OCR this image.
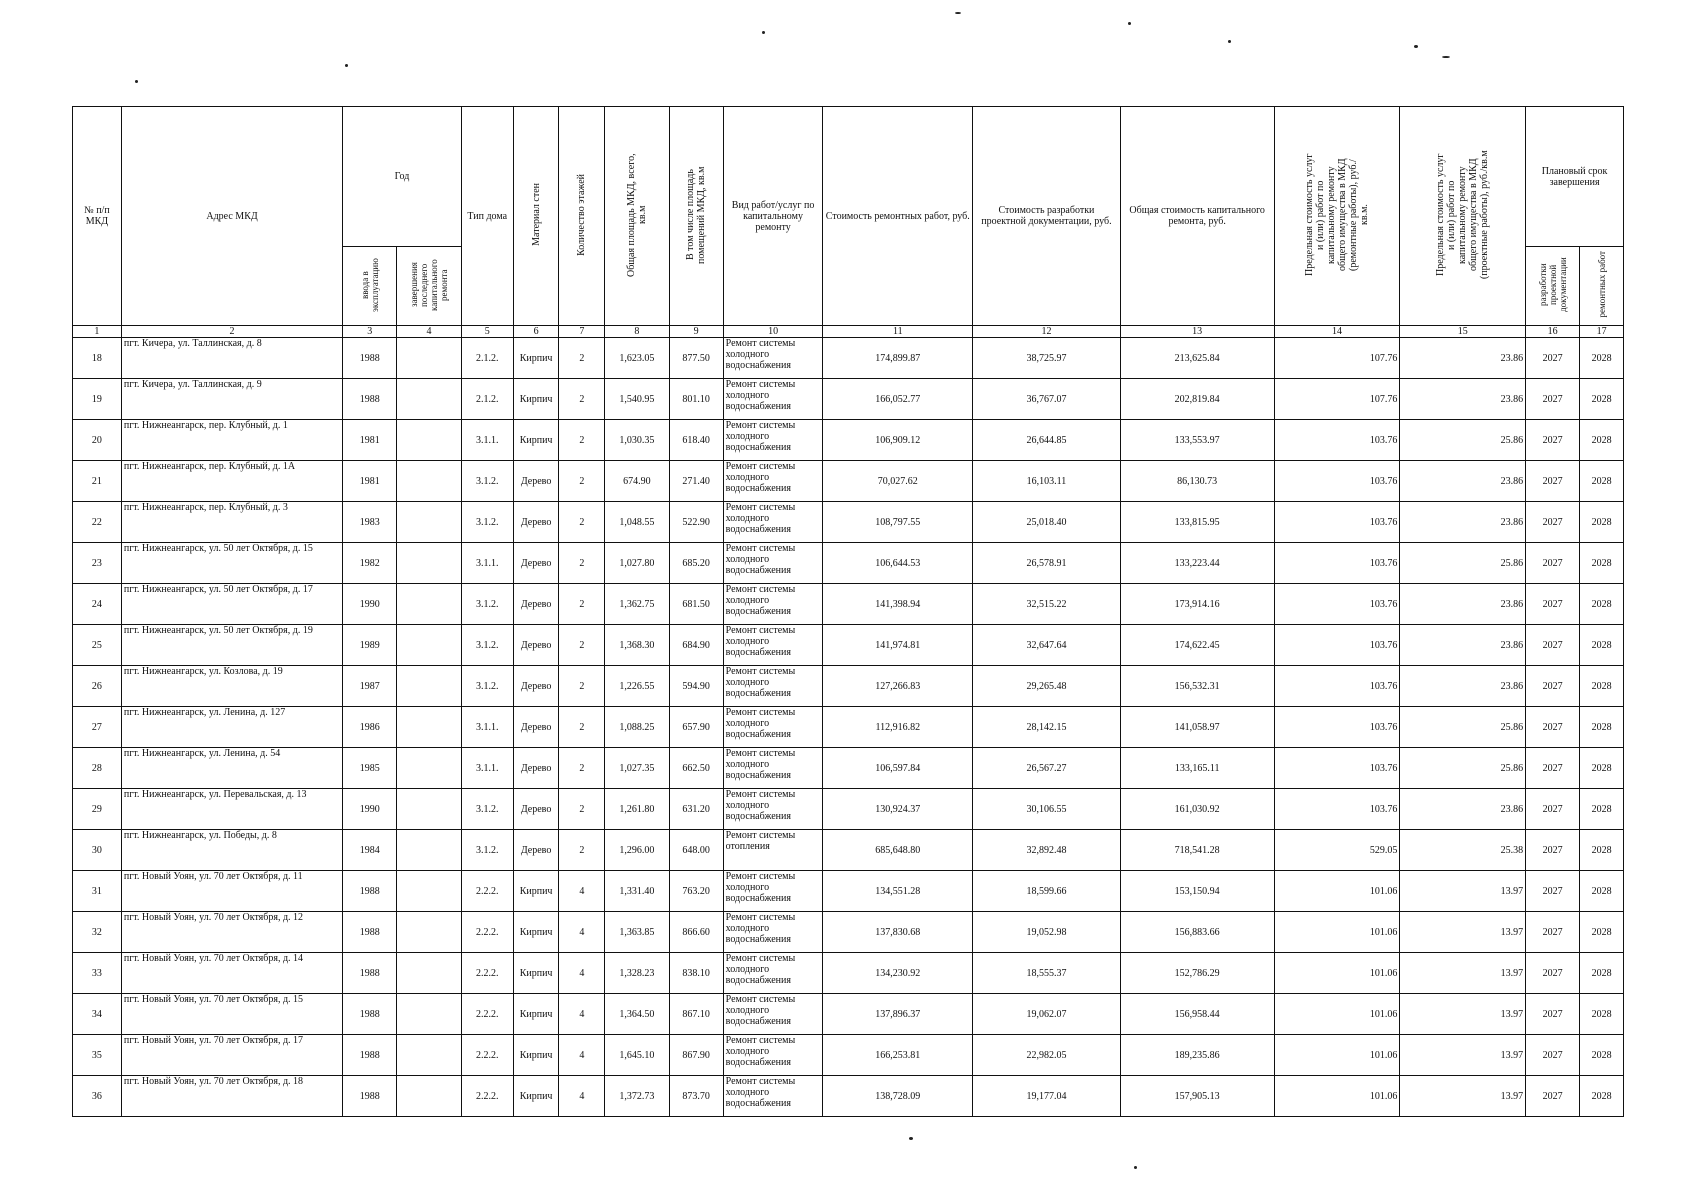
№ п/п МКД	Адрес МКД	Год		Тип дома	Материал стен	Количество этажей	Общая площадь МКД, всего, кв.м	В том числе площадь помещений МКД, кв.м	Вид работ/услуг по капитальному ремонту	Стоимость ремонтных работ, руб.	Стоимость разработки проектной документации, руб.	Общая стоимость капитального ремонта, руб.	Предельная стоимость услуг и (или) работ по капитальному ремонту общего имущества в МКД (ремонтные работы), руб./кв.м.	Предельная стоимость услуг и (или) работ по капитальному ремонту общего имущества в МКД (проектные работы), руб./кв.м	Плановый срок завершения	
		ввода в эксплуатацию	завершения последнего капитального ремонта												разработки проектной документации	ремонтных работ
1	2	3	4	5	6	7	8	9	10	11	12	13	14	15	16	17
18	пгт. Кичера, ул. Таллинская, д. 8	1988		2.1.2.	Кирпич	2	1,623.05	877.50	Ремонт системы холодного водоснабжения	174,899.87	38,725.97	213,625.84	107.76	23.86	2027	2028
19	пгт. Кичера, ул. Таллинская, д. 9	1988		2.1.2.	Кирпич	2	1,540.95	801.10	Ремонт системы холодного водоснабжения	166,052.77	36,767.07	202,819.84	107.76	23.86	2027	2028
20	пгт. Нижнеангарск, пер. Клубный, д. 1	1981		3.1.1.	Кирпич	2	1,030.35	618.40	Ремонт системы холодного водоснабжения	106,909.12	26,644.85	133,553.97	103.76	25.86	2027	2028
21	пгт. Нижнеангарск, пер. Клубный, д. 1А	1981		3.1.2.	Дерево	2	674.90	271.40	Ремонт системы холодного водоснабжения	70,027.62	16,103.11	86,130.73	103.76	23.86	2027	2028
22	пгт. Нижнеангарск, пер. Клубный, д. 3	1983		3.1.2.	Дерево	2	1,048.55	522.90	Ремонт системы холодного водоснабжения	108,797.55	25,018.40	133,815.95	103.76	23.86	2027	2028
23	пгт. Нижнеангарск, ул. 50 лет Октября, д. 15	1982		3.1.1.	Дерево	2	1,027.80	685.20	Ремонт системы холодного водоснабжения	106,644.53	26,578.91	133,223.44	103.76	25.86	2027	2028
24	пгт. Нижнеангарск, ул. 50 лет Октября, д. 17	1990		3.1.2.	Дерево	2	1,362.75	681.50	Ремонт системы холодного водоснабжения	141,398.94	32,515.22	173,914.16	103.76	23.86	2027	2028
25	пгт. Нижнеангарск, ул. 50 лет Октября, д. 19	1989		3.1.2.	Дерево	2	1,368.30	684.90	Ремонт системы холодного водоснабжения	141,974.81	32,647.64	174,622.45	103.76	23.86	2027	2028
26	пгт. Нижнеангарск, ул. Козлова, д. 19	1987		3.1.2.	Дерево	2	1,226.55	594.90	Ремонт системы холодного водоснабжения	127,266.83	29,265.48	156,532.31	103.76	23.86	2027	2028
27	пгт. Нижнеангарск, ул. Ленина, д. 127	1986		3.1.1.	Дерево	2	1,088.25	657.90	Ремонт системы холодного водоснабжения	112,916.82	28,142.15	141,058.97	103.76	25.86	2027	2028
28	пгт. Нижнеангарск, ул. Ленина, д. 54	1985		3.1.1.	Дерево	2	1,027.35	662.50	Ремонт системы холодного водоснабжения	106,597.84	26,567.27	133,165.11	103.76	25.86	2027	2028
29	пгт. Нижнеангарск, ул. Перевальская, д. 13	1990		3.1.2.	Дерево	2	1,261.80	631.20	Ремонт системы холодного водоснабжения	130,924.37	30,106.55	161,030.92	103.76	23.86	2027	2028
30	пгт. Нижнеангарск, ул. Победы, д. 8	1984		3.1.2.	Дерево	2	1,296.00	648.00	Ремонт системы отопления	685,648.80	32,892.48	718,541.28	529.05	25.38	2027	2028
31	пгт. Новый Уоян, ул. 70 лет Октября, д. 11	1988		2.2.2.	Кирпич	4	1,331.40	763.20	Ремонт системы холодного водоснабжения	134,551.28	18,599.66	153,150.94	101.06	13.97	2027	2028
32	пгт. Новый Уоян, ул. 70 лет Октября, д. 12	1988		2.2.2.	Кирпич	4	1,363.85	866.60	Ремонт системы холодного водоснабжения	137,830.68	19,052.98	156,883.66	101.06	13.97	2027	2028
33	пгт. Новый Уоян, ул. 70 лет Октября, д. 14	1988		2.2.2.	Кирпич	4	1,328.23	838.10	Ремонт системы холодного водоснабжения	134,230.92	18,555.37	152,786.29	101.06	13.97	2027	2028
34	пгт. Новый Уоян, ул. 70 лет Октября, д. 15	1988		2.2.2.	Кирпич	4	1,364.50	867.10	Ремонт системы холодного водоснабжения	137,896.37	19,062.07	156,958.44	101.06	13.97	2027	2028
35	пгт. Новый Уоян, ул. 70 лет Октября, д. 17	1988		2.2.2.	Кирпич	4	1,645.10	867.90	Ремонт системы холодного водоснабжения	166,253.81	22,982.05	189,235.86	101.06	13.97	2027	2028
36	пгт. Новый Уоян, ул. 70 лет Октября, д. 18	1988		2.2.2.	Кирпич	4	1,372.73	873.70	Ремонт системы холодного водоснабжения	138,728.09	19,177.04	157,905.13	101.06	13.97	2027	2028
